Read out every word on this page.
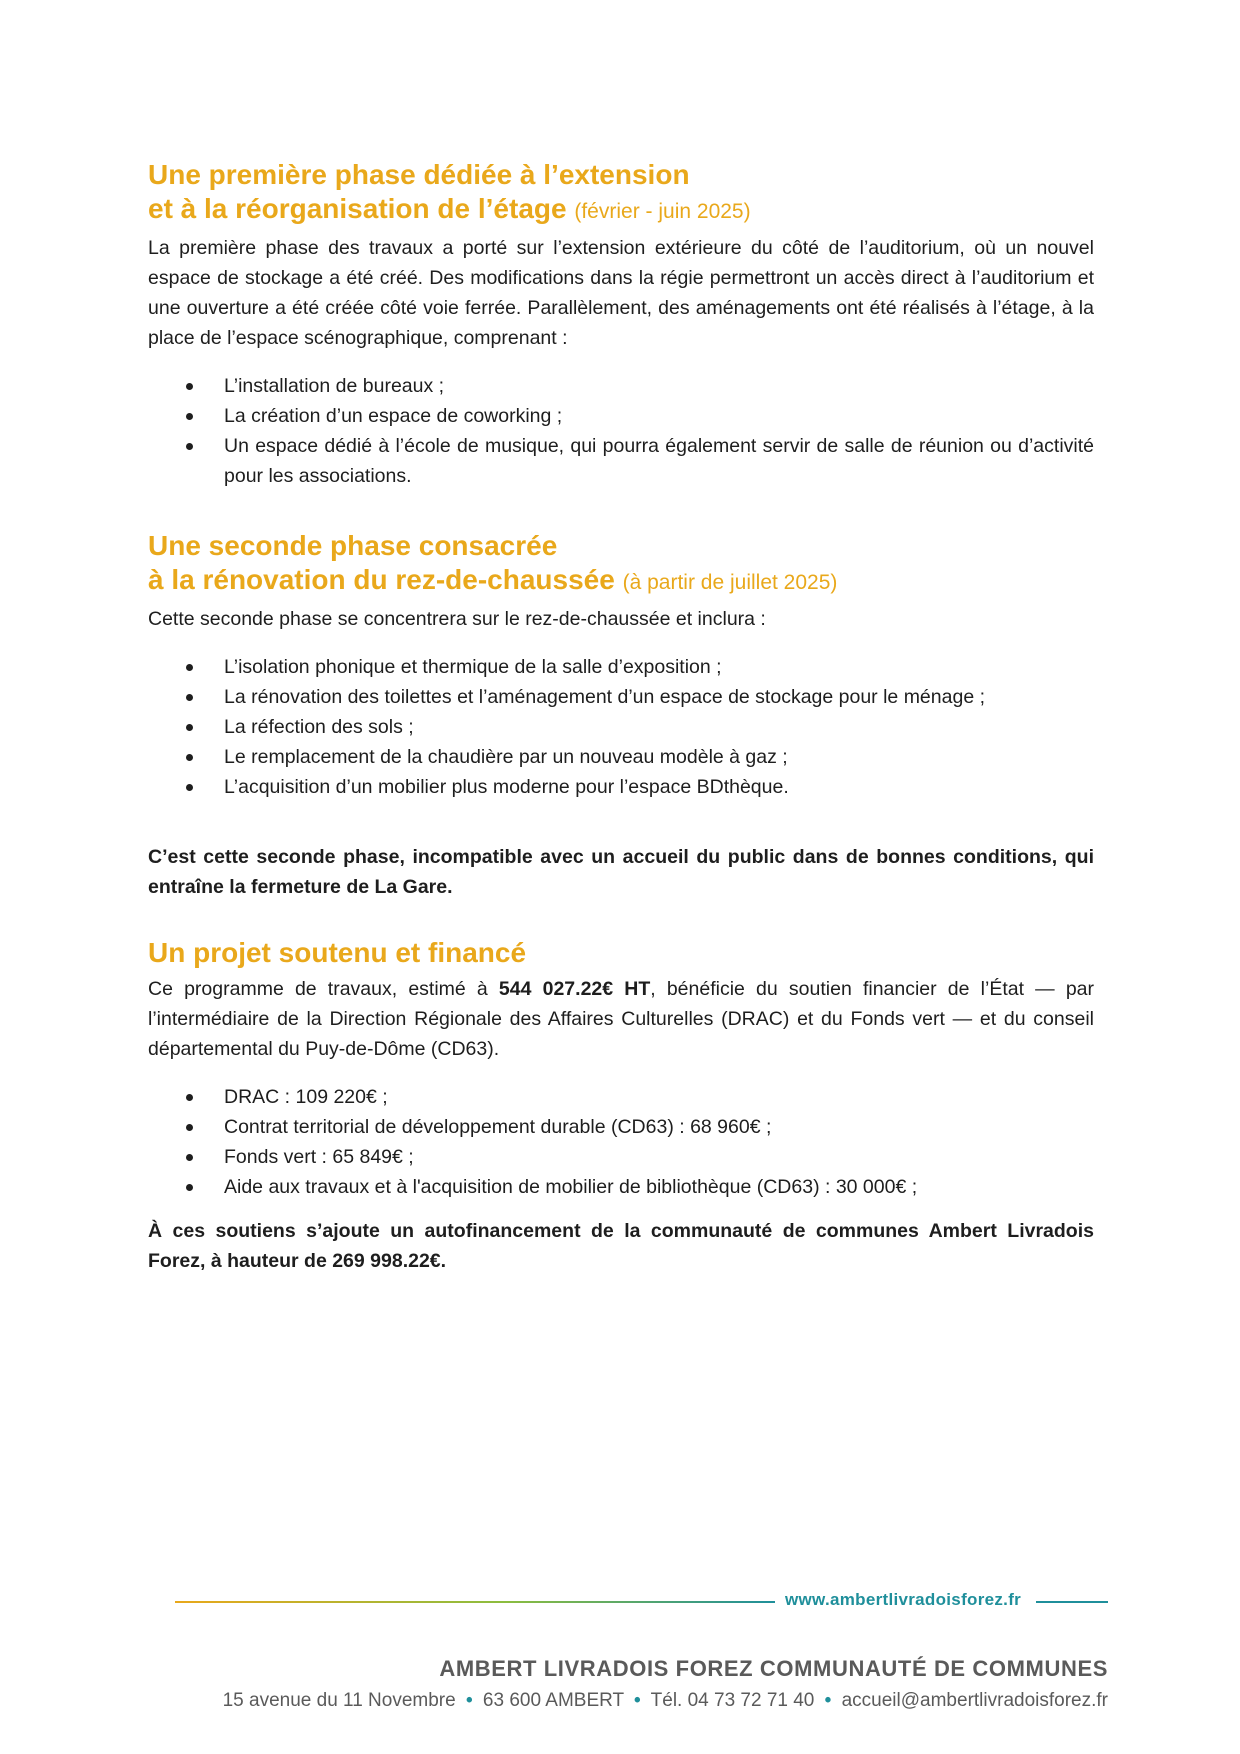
Une première phase dédiée à l’extension
et à la réorganisation de l’étage (février - juin 2025)

La première phase des travaux a porté sur l’extension extérieure du côté de l’auditorium, où un nouvel espace de stockage a été créé. Des modifications dans la régie permettront un accès direct à l’auditorium et une ouverture a été créée côté voie ferrée. Parallèlement, des aménagements ont été réalisés à l’étage, à la place de l’espace scénographique, comprenant :

L’installation de bureaux ;
La création d’un espace de coworking ;
Un espace dédié à l’école de musique, qui pourra également servir de salle de réunion ou d’activité pour les associations.
Une seconde phase consacrée
à la rénovation du rez-de-chaussée (à partir de juillet 2025)

Cette seconde phase se concentrera sur le rez-de-chaussée et inclura :

L’isolation phonique et thermique de la salle d’exposition ;
La rénovation des toilettes et l’aménagement d’un espace de stockage pour le ménage ;
La réfection des sols ;
Le remplacement de la chaudière par un nouveau modèle à gaz ;
L’acquisition d’un mobilier plus moderne pour l’espace BDthèque.

C’est cette seconde phase, incompatible avec un accueil du public dans de bonnes conditions, qui entraîne la fermeture de La Gare.

Un projet soutenu et financé

Ce programme de travaux, estimé à 544 027.22€ HT, bénéficie du soutien financier de l’État — par l’intermédiaire de la Direction Régionale des Affaires Culturelles (DRAC) et du Fonds vert — et du conseil départemental du Puy-de-Dôme (CD63).

DRAC : 109 220€ ;
Contrat territorial de développement durable (CD63) : 68 960€ ;
Fonds vert : 65 849€ ;
Aide aux travaux et à l'acquisition de mobilier de bibliothèque (CD63) : 30 000€ ;

À ces soutiens s’ajoute un autofinancement de la communauté de communes Ambert Livradois Forez, à hauteur de 269 998.22€.

www.ambertlivradoisforez.fr
AMBERT LIVRADOIS FOREZ COMMUNAUTÉ DE COMMUNES
15 avenue du 11 Novembre • 63 600 AMBERT • Tél. 04 73 72 71 40 • accueil@ambertlivradoisforez.fr
